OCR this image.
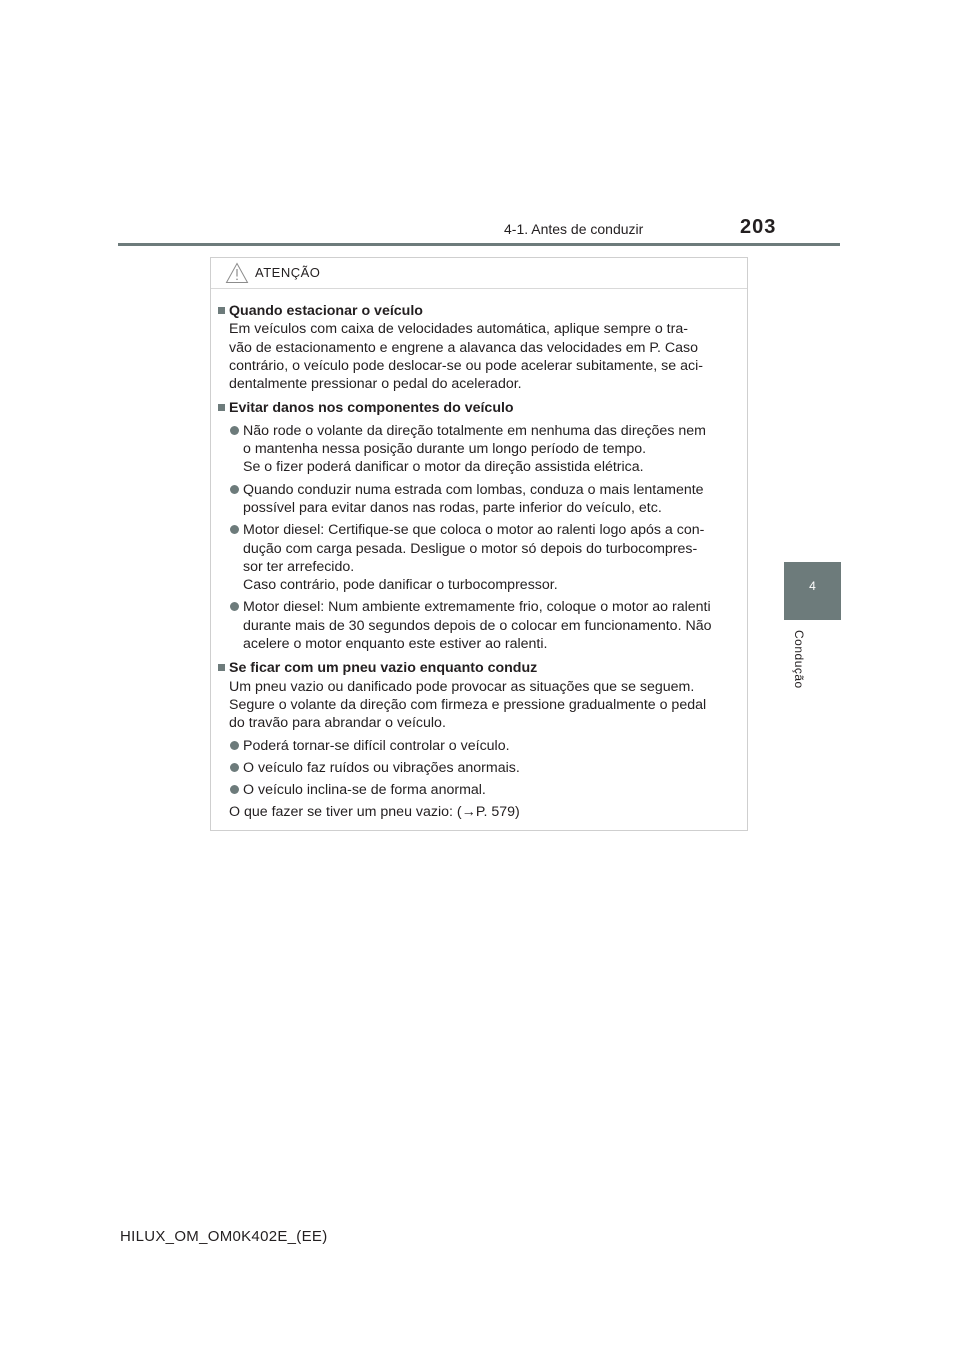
4-1. Antes de conduzir	203
4
Condução
ATENÇÃO
Quando estacionar o veículo
Em veículos com caixa de velocidades automática, aplique sempre o tra-
vão de estacionamento e engrene a alavanca das velocidades em P. Caso
contrário, o veículo pode deslocar-se ou pode acelerar subitamente, se aci-
dentalmente pressionar o pedal do acelerador.
Evitar danos nos componentes do veículo
Não rode o volante da direção totalmente em nenhuma das direções nem
o mantenha nessa posição durante um longo período de tempo.
Se o fizer poderá danificar o motor da direção assistida elétrica.
Quando conduzir numa estrada com lombas, conduza o mais lentamente
possível para evitar danos nas rodas, parte inferior do veículo, etc.
Motor diesel: Certifique-se que coloca o motor ao ralenti logo após a con-
dução com carga pesada. Desligue o motor só depois do turbocompres-
sor ter arrefecido.
Caso contrário, pode danificar o turbocompressor.
Motor diesel: Num ambiente extremamente frio, coloque o motor ao ralenti
durante mais de 30 segundos depois de o colocar em funcionamento. Não
acelere o motor enquanto este estiver ao ralenti.
Se ficar com um pneu vazio enquanto conduz
Um pneu vazio ou danificado pode provocar as situações que se seguem.
Segure o volante da direção com firmeza e pressione gradualmente o pedal
do travão para abrandar o veículo.
Poderá tornar-se difícil controlar o veículo.
O veículo faz ruídos ou vibrações anormais.
O veículo inclina-se de forma anormal.
O que fazer se tiver um pneu vazio: (→P. 579)
HILUX_OM_OM0K402E_(EE)
